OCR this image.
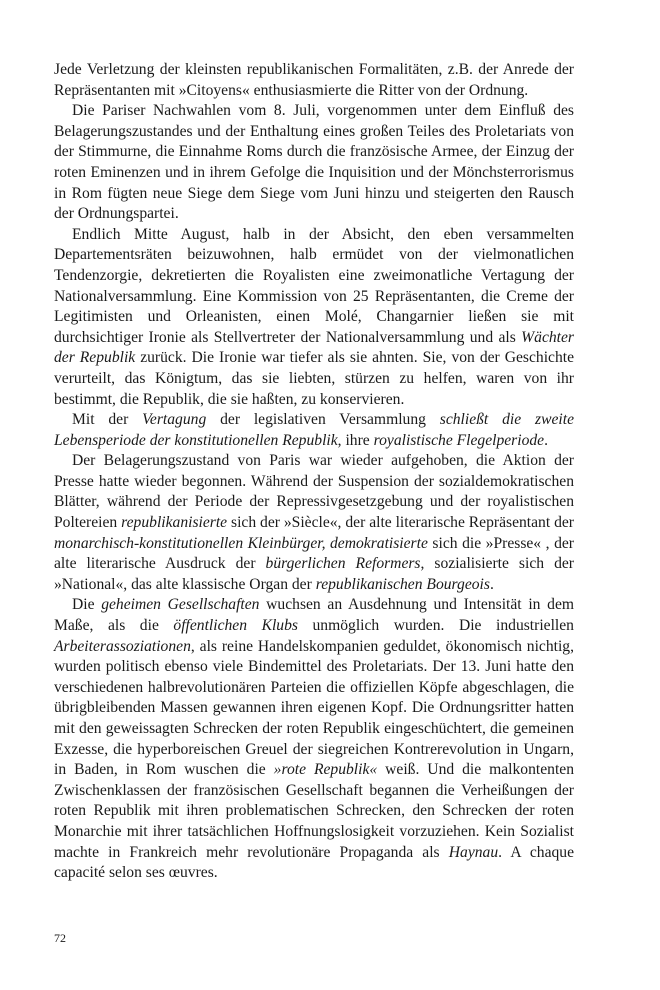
Jede Verletzung der kleinsten republikanischen Formalitäten, z.B. der Anrede der Repräsentanten mit »Citoyens« enthusiasmierte die Ritter von der Ordnung.

Die Pariser Nachwahlen vom 8. Juli, vorgenommen unter dem Einfluß des Belagerungszustandes und der Enthaltung eines großen Teiles des Proletariats von der Stimmurne, die Einnahme Roms durch die französische Armee, der Einzug der roten Eminenzen und in ihrem Gefolge die Inquisition und der Mönchsterrorismus in Rom fügten neue Siege dem Siege vom Juni hinzu und steigerten den Rausch der Ordnungspartei.

Endlich Mitte August, halb in der Absicht, den eben versammelten Departementsräten beizuwohnen, halb ermüdet von der vielmonatlichen Tendenzorgie, dekretierten die Royalisten eine zweimonatliche Vertagung der Nationalversammlung. Eine Kommission von 25 Repräsentanten, die Creme der Legitimisten und Orleanisten, einen Molé, Changarnier ließen sie mit durchsichtiger Ironie als Stellvertreter der Nationalversammlung und als Wächter der Republik zurück. Die Ironie war tiefer als sie ahnten. Sie, von der Geschichte verurteilt, das Königtum, das sie liebten, stürzen zu helfen, waren von ihr bestimmt, die Republik, die sie haßten, zu konservieren.

Mit der Vertagung der legislativen Versammlung schließt die zweite Lebensperiode der konstitutionellen Republik, ihre royalistische Flegelperiode.

Der Belagerungszustand von Paris war wieder aufgehoben, die Aktion der Presse hatte wieder begonnen. Während der Suspension der sozialdemokratischen Blätter, während der Periode der Repressivgesetzgebung und der royalistischen Poltereien republikanisierte sich der »Siècle«, der alte literarische Repräsentant der monarchisch-konstitutionellen Kleinbürger, demokratisierte sich die »Presse« , der alte literarische Ausdruck der bürgerlichen Reformers, sozialisierte sich der »National«, das alte klassische Organ der republikanischen Bourgeois.

Die geheimen Gesellschaften wuchsen an Ausdehnung und Intensität in dem Maße, als die öffentlichen Klubs unmöglich wurden. Die industriellen Arbeiterassoziationen, als reine Handelskompanien geduldet, ökonomisch nichtig, wurden politisch ebenso viele Bindemittel des Proletariats. Der 13. Juni hatte den verschiedenen halbrevolutionären Parteien die offiziellen Köpfe abgeschlagen, die übrigbleibenden Massen gewannen ihren eigenen Kopf. Die Ordnungsritter hatten mit den geweissagten Schrecken der roten Republik eingeschüchtert, die gemeinen Exzesse, die hyperboreischen Greuel der siegreichen Kontrerevolution in Ungarn, in Baden, in Rom wuschen die »rote Republik« weiß. Und die malkontenten Zwischenklassen der französischen Gesellschaft begannen die Verheißungen der roten Republik mit ihren problematischen Schrecken, den Schrecken der roten Monarchie mit ihrer tatsächlichen Hoffnungslosigkeit vorzuziehen. Kein Sozialist machte in Frankreich mehr revolutionäre Propaganda als Haynau. A chaque capacité selon ses œuvres.

72
